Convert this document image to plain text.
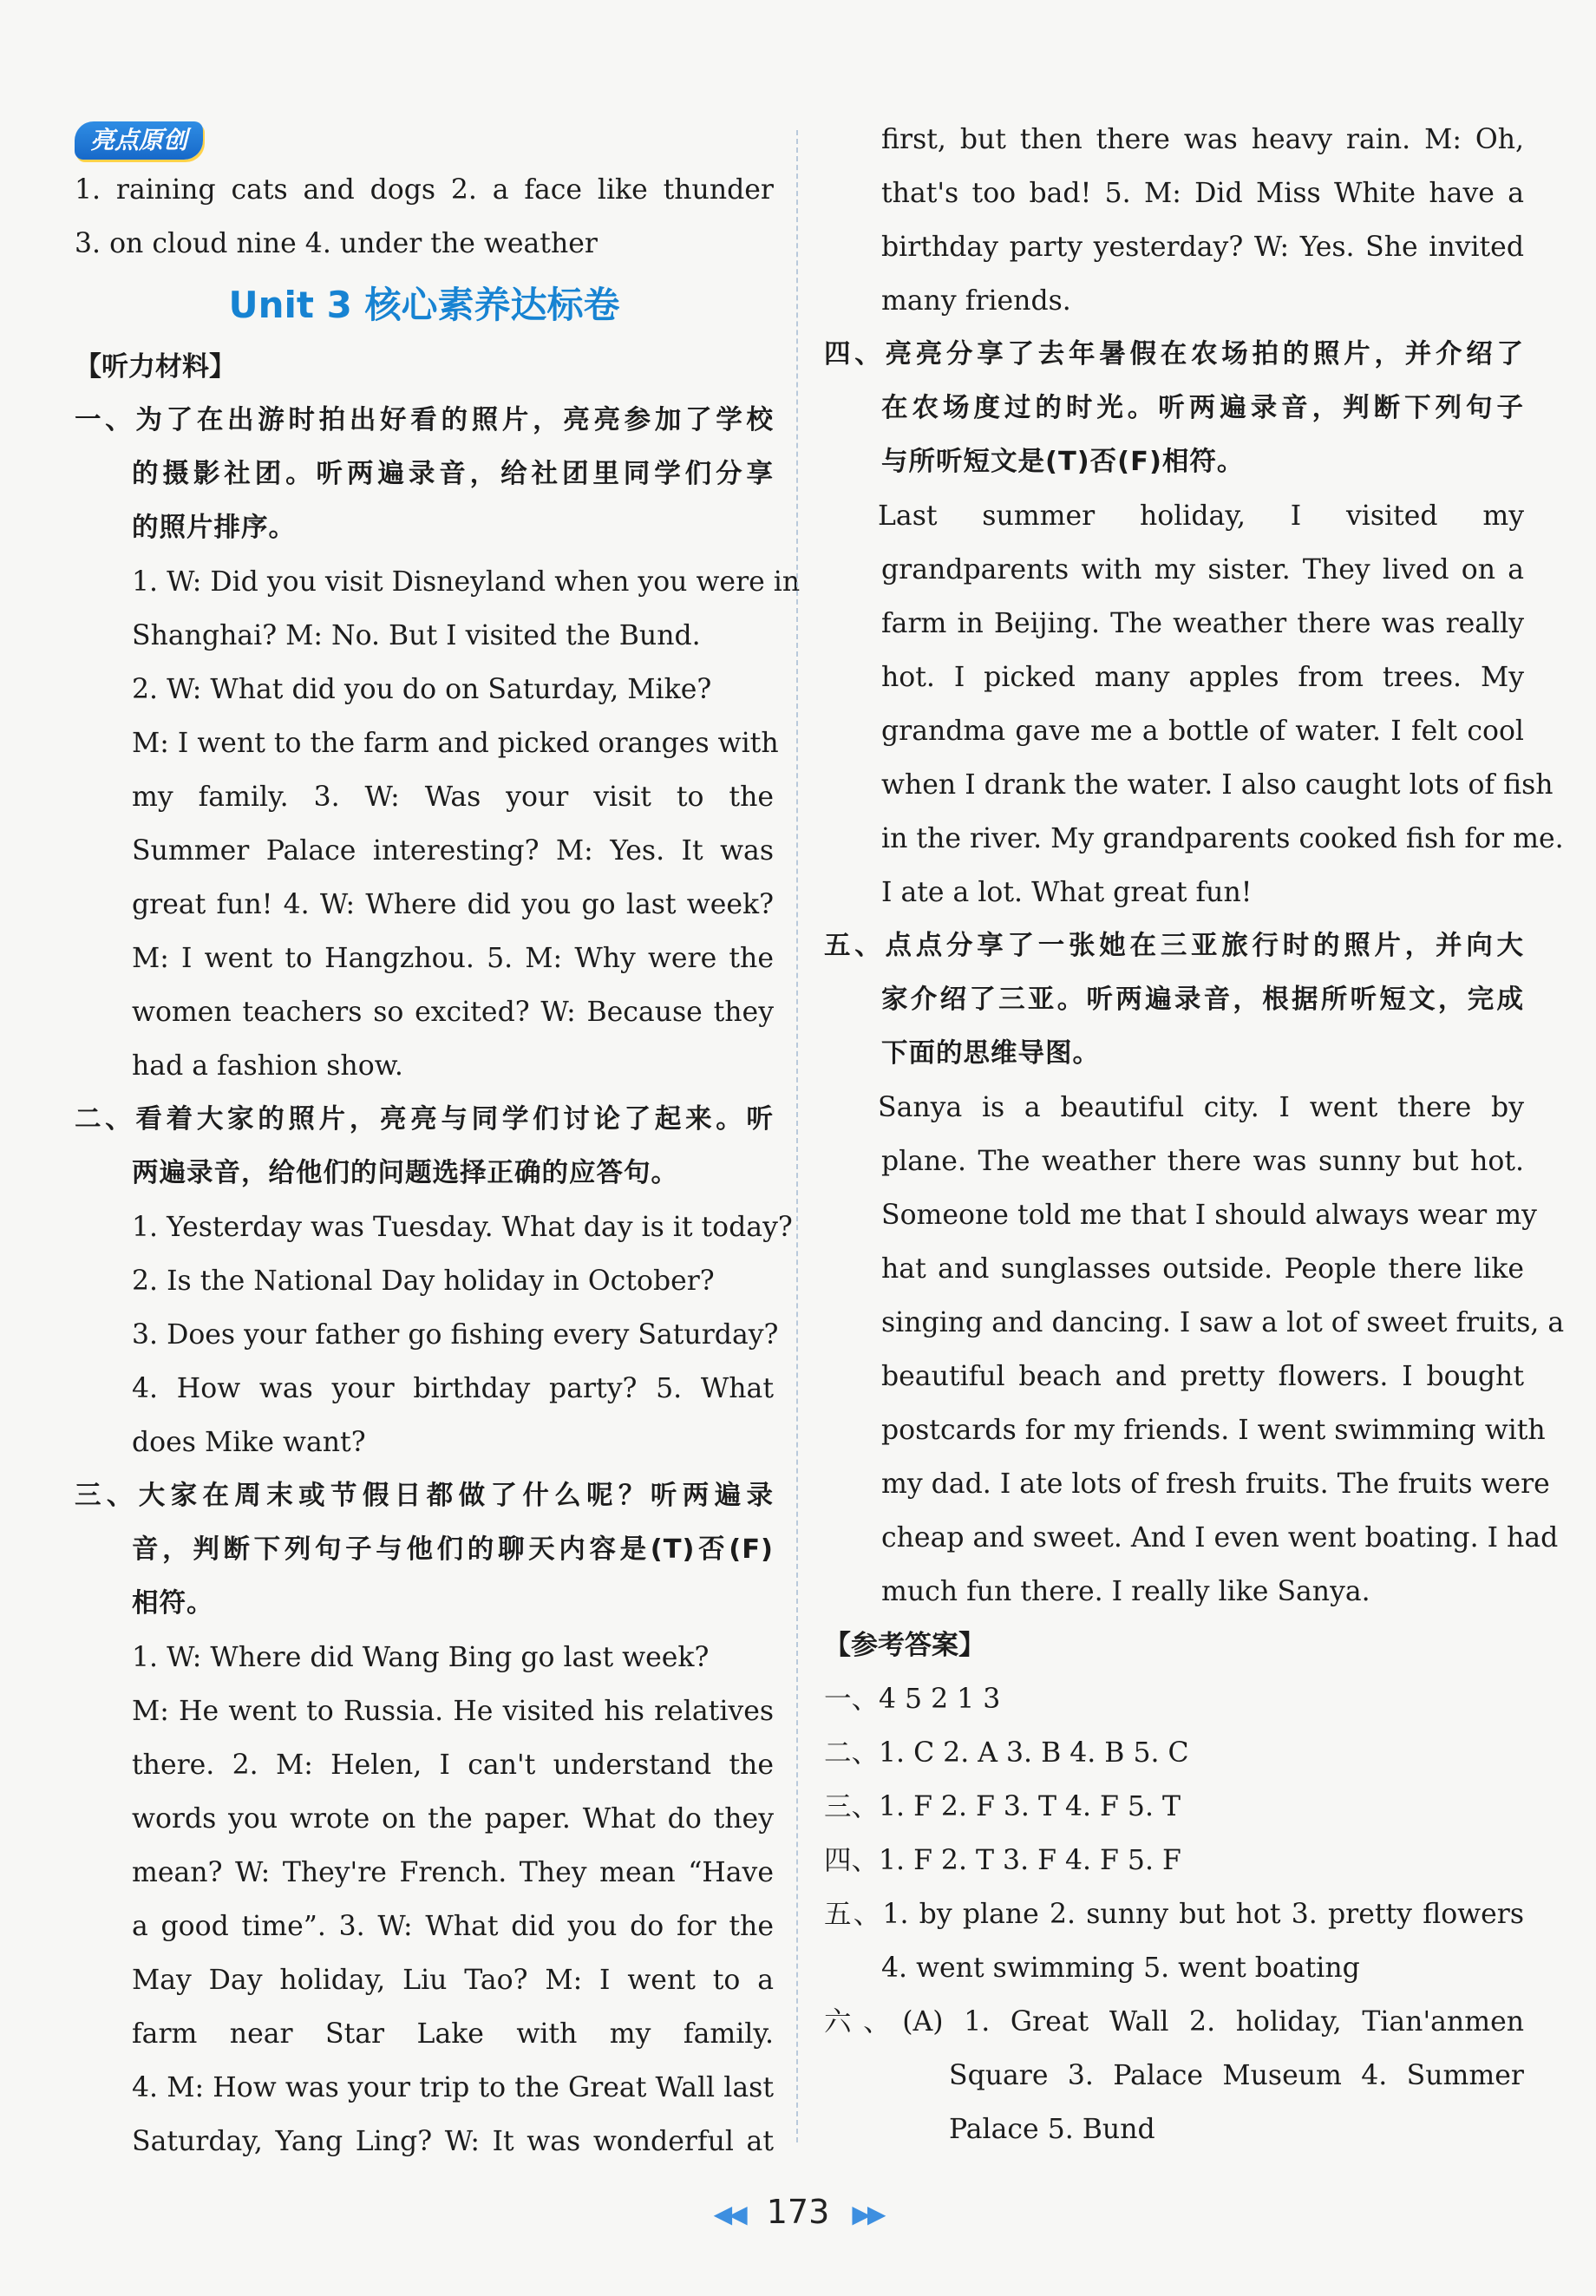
亮点原创
1. raining cats and dogs 2. a face like thunder
3. on cloud nine 4. under the weather
Unit 3 核心素养达标卷
【听力材料】
一、为了在出游时拍出好看的照片，亮亮参加了学校
的摄影社团。听两遍录音，给社团里同学们分享
的照片排序。
1. W: Did you visit Disneyland when you were in
Shanghai? M: No. But I visited the Bund.
2. W: What did you do on Saturday, Mike?
M: I went to the farm and picked oranges with
my family. 3. W: Was your visit to the
Summer Palace interesting? M: Yes. It was
great fun! 4. W: Where did you go last week?
M: I went to Hangzhou. 5. M: Why were the
women teachers so excited? W: Because they
had a fashion show.
二、看着大家的照片，亮亮与同学们讨论了起来。听
两遍录音，给他们的问题选择正确的应答句。
1. Yesterday was Tuesday. What day is it today?
2. Is the National Day holiday in October?
3. Does your father go fishing every Saturday?
4. How was your birthday party? 5. What
does Mike want?
三、大家在周末或节假日都做了什么呢？听两遍录
音，判断下列句子与他们的聊天内容是(T)否(F)
相符。
1. W: Where did Wang Bing go last week?
M: He went to Russia. He visited his relatives
there. 2. M: Helen, I can't understand the
words you wrote on the paper. What do they
mean? W: They're French. They mean “Have
a good time”. 3. W: What did you do for the
May Day holiday, Liu Tao? M: I went to a
farm near Star Lake with my family.
4. M: How was your trip to the Great Wall last
Saturday, Yang Ling? W: It was wonderful at
first, but then there was heavy rain. M: Oh,
that's too bad! 5. M: Did Miss White have a
birthday party yesterday? W: Yes. She invited
many friends.
四、亮亮分享了去年暑假在农场拍的照片，并介绍了
在农场度过的时光。听两遍录音，判断下列句子
与所听短文是(T)否(F)相符。
Last summer holiday, I visited my
grandparents with my sister. They lived on a
farm in Beijing. The weather there was really
hot. I picked many apples from trees. My
grandma gave me a bottle of water. I felt cool
when I drank the water. I also caught lots of fish
in the river. My grandparents cooked fish for me.
I ate a lot. What great fun!
五、点点分享了一张她在三亚旅行时的照片，并向大
家介绍了三亚。听两遍录音，根据所听短文，完成
下面的思维导图。
Sanya is a beautiful city. I went there by
plane. The weather there was sunny but hot.
Someone told me that I should always wear my
hat and sunglasses outside. People there like
singing and dancing. I saw a lot of sweet fruits, a
beautiful beach and pretty flowers. I bought
postcards for my friends. I went swimming with
my dad. I ate lots of fresh fruits. The fruits were
cheap and sweet. And I even went boating. I had
much fun there. I really like Sanya.
【参考答案】
一、4 5 2 1 3
二、1. C 2. A 3. B 4. B 5. C
三、1. F 2. F 3. T 4. F 5. T
四、1. F 2. T 3. F 4. F 5. F
五、1. by plane 2. sunny but hot 3. pretty flowers
4. went swimming 5. went boating
六、(A) 1. Great Wall 2. holiday, Tian'anmen
Square 3. Palace Museum 4. Summer
Palace 5. Bund
◀◀ 173 ▶▶
